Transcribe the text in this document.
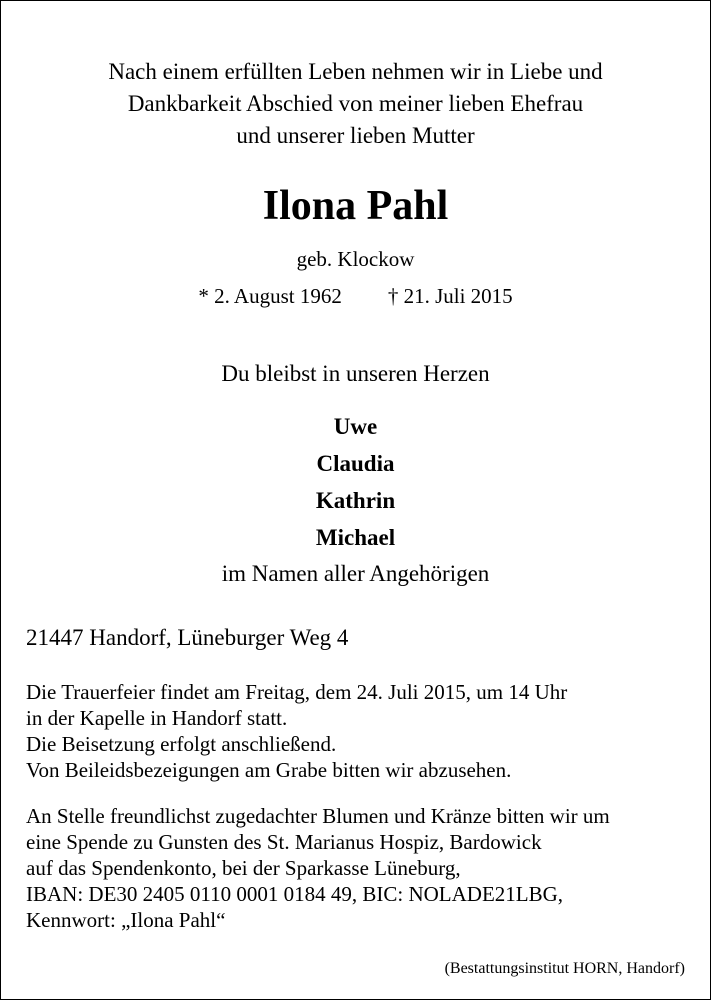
Nach einem erfüllten Leben nehmen wir in Liebe und
Dankbarkeit Abschied von meiner lieben Ehefrau
und unserer lieben Mutter
Ilona Pahl
geb. Klockow
* 2. August 1962 † 21. Juli 2015
Du bleibst in unseren Herzen
Uwe
Claudia
Kathrin
Michael
im Namen aller Angehörigen
21447 Handorf, Lüneburger Weg 4
Die Trauerfeier findet am Freitag, dem 24. Juli 2015, um 14 Uhr
in der Kapelle in Handorf statt.
Die Beisetzung erfolgt anschließend.
Von Beileidsbezeigungen am Grabe bitten wir abzusehen.
An Stelle freundlichst zugedachter Blumen und Kränze bitten wir um
eine Spende zu Gunsten des St. Marianus Hospiz, Bardowick
auf das Spendenkonto, bei der Sparkasse Lüneburg,
IBAN: DE30 2405 0110 0001 0184 49, BIC: NOLADE21LBG,
Kennwort: „Ilona Pahl“
(Bestattungsinstitut HORN, Handorf)
